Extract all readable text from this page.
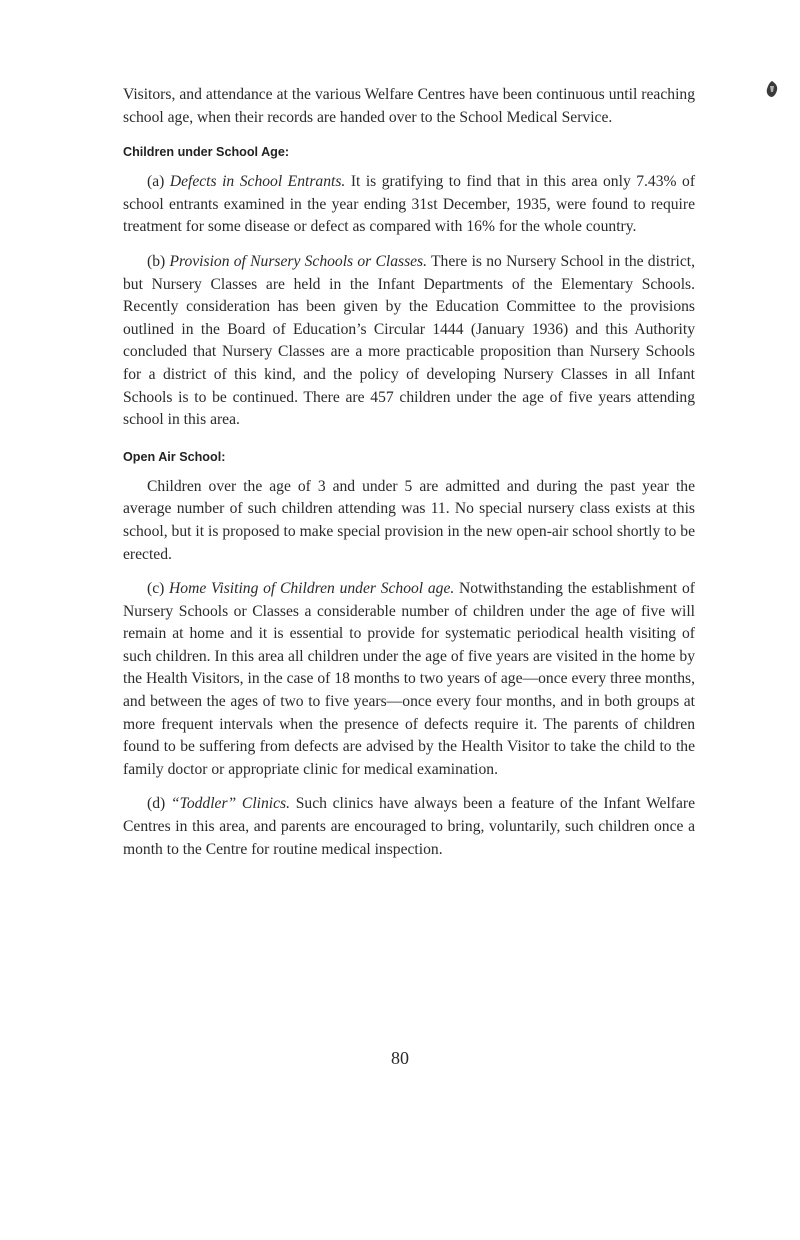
Visitors, and attendance at the various Welfare Centres have been continuous until reaching school age, when their records are handed over to the School Medical Service.

Children under School Age:

(a) Defects in School Entrants. It is gratifying to find that in this area only 7.43% of school entrants examined in the year ending 31st December, 1935, were found to require treatment for some disease or defect as compared with 16% for the whole country.

(b) Provision of Nursery Schools or Classes. There is no Nursery School in the district, but Nursery Classes are held in the Infant Departments of the Elementary Schools. Recently consideration has been given by the Education Committee to the provisions outlined in the Board of Education’s Circular 1444 (January 1936) and this Authority concluded that Nursery Classes are a more practicable proposition than Nursery Schools for a district of this kind, and the policy of developing Nursery Classes in all Infant Schools is to be continued. There are 457 children under the age of five years attending school in this area.

Open Air School:

Children over the age of 3 and under 5 are admitted and during the past year the average number of such children attending was 11. No special nursery class exists at this school, but it is proposed to make special provision in the new open-air school shortly to be erected.

(c) Home Visiting of Children under School age. Notwithstanding the establishment of Nursery Schools or Classes a considerable number of children under the age of five will remain at home and it is essential to provide for systematic periodical health visiting of such children. In this area all children under the age of five years are visited in the home by the Health Visitors, in the case of 18 months to two years of age—once every three months, and between the ages of two to five years—once every four months, and in both groups at more frequent intervals when the presence of defects require it. The parents of children found to be suffering from defects are advised by the Health Visitor to take the child to the family doctor or appropriate clinic for medical examination.

(d) “Toddler” Clinics. Such clinics have always been a feature of the Infant Welfare Centres in this area, and parents are encouraged to bring, voluntarily, such children once a month to the Centre for routine medical inspection.

80
